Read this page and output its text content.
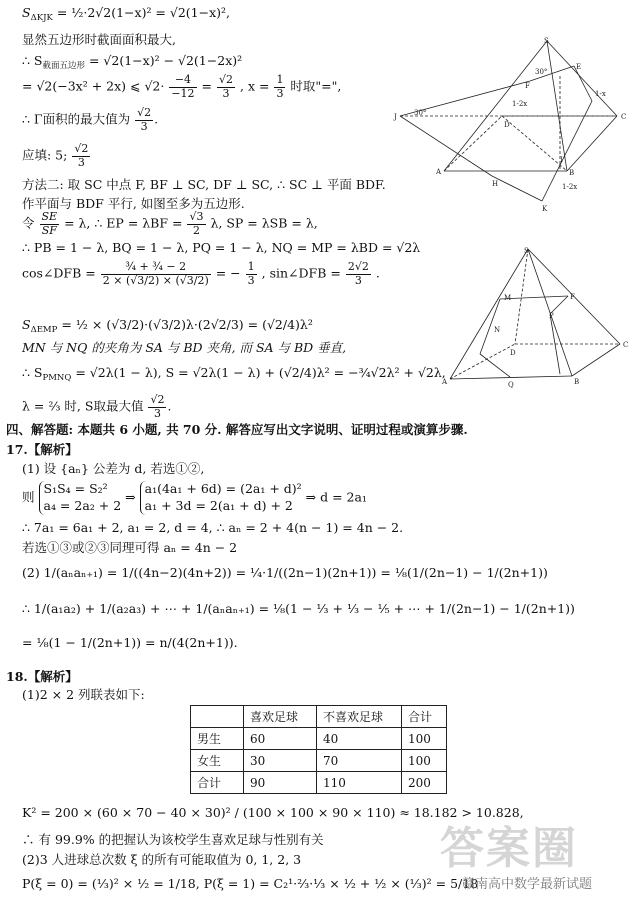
$S_{\Delta KJK}$ = ½·2√2(1−x)² = √2(1−x)²,
显然五边形时截面面积最大,
∴ $S_{截面五边形} = √2(1-x)^2 - √2(1-2x)^2$
= √2(−3x² + 2x) ⩽ $√2\cdot \frac{-4}{-12} = \frac{√2}{3}$ , $x = \frac{1}{3}$ 时取"=",
∴ Γ面积的最大值为 $\frac{√2}{3}$ .
应填: 5; $\frac{√2}{3}$
方法二: 取 SC 中点 F, BF ⊥ SC, DF ⊥ SC, ∴ SC ⊥ 平面 BDF.
作平面与 BDF 平行, 如图至多为五边形.
令 $\frac{SE}{SF} = \lambda$, ∴ EP = $\lambda BF = \frac{√3}{2} \lambda$, SP = λSB = λ,
∴ PB = 1 − λ, BQ = 1 − λ, PQ = 1 − λ, NQ = MP = λBD = √2λ
cos∠DFB = $\frac{\text{¾ + ¾ − 2}}{2 \times (√3/2) \times (√3/2)}$ = − $\frac{1}{3}$ , sin∠DFB = $\frac{2√2}{3}$ .
$S_{\Delta EMP}$ = ½ × (√3/2)·(√3/2)λ·(2√2/3) = (√2/4)λ²
MN 与 NQ 的夹角为 SA 与 BD 夹角, 而 SA 与 BD 垂直,
∴ $S_{PMNQ} = √2\lambda(1 - \lambda)$, S = √2λ(1 − λ) + (√2/4)λ² = −¾√2λ² + √2λ,
λ = ⅔ 时, S取最大值 $\frac{√2}{3}$ .
S
F
30°
E
1-x
1-2x
D
J 30°	C
A
H
B
K
1-2x
I
S
F
M
N
P
D
C
A	Q	B
四、解答题: 本题共 6 小题, 共 70 分. 解答应写出文字说明、证明过程或演算步骤.
17.【解析】
(1) 设 {aₙ} 公差为 d, 若选①②,
则
S₁S₄ = S₂²
a₄ = 2a₂ + 2
⇒
a₁(4a₁ + 6d) = (2a₁ + d)²
a₁ + 3d = 2(a₁ + d) + 2
⇒ d = 2a₁
∴ 7a₁ = 6a₁ + 2, a₁ = 2, d = 4, ∴ aₙ = 2 + 4(n − 1) = 4n − 2.
若选①③或②③同理可得 aₙ = 4n − 2
(2) 1/(aₙaₙ₊₁) = 1/((4n−2)(4n+2)) = ¼·1/((2n−1)(2n+1)) = ⅛(1/(2n−1) − 1/(2n+1))
∴ 1/(a₁a₂) + 1/(a₂a₃) + ⋯ + 1/(aₙaₙ₊₁) = ⅛(1 − ⅓ + ⅓ − ⅕ + ⋯ + 1/(2n−1) − 1/(2n+1))
= ⅛(1 − 1/(2n+1)) = n/(4(2n+1)).
18.【解析】
(1)2 × 2 列联表如下:
	喜欢足球	不喜欢足球	合计
男生	60	40	100
女生	30	70	100
合计	90	110	200
K² = 200 × (60 × 70 − 40 × 30)² / (100 × 100 × 90 × 110) ≈ 18.182 > 10.828,
∴ 有 99.9% 的把握认为该校学生喜欢足球与性别有关
(2)3 人进球总次数 ξ 的所有可能取值为 0, 1, 2, 3
P(ξ = 0) = (⅓)² × ½ = 1/18, P(ξ = 1) = C₂¹·⅔·⅓ × ½ + ½ × (⅓)² = 5/18
答案圈
赣南高中数学最新试题
